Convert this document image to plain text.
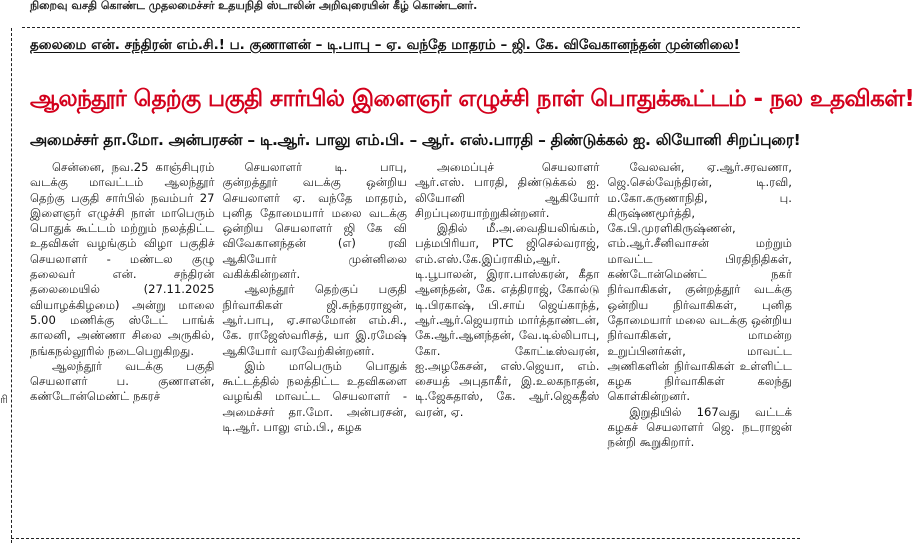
நிறைவு வசதி கொண்ட முதலமைச்சர் உதயநிதி ஸ்டாலின் அறிவுரையின் கீழ் கொண்டனர்.
ரி
தலைமை என். சந்திரன் எம்.சி.! ப. குணாளன் – டி.பாபு – ஏ. வந்தே மாதரம் – ஜி. கே. விவேகானந்தன் முன்னிலை!
ஆலந்தூர் தெற்கு பகுதி சார்பில் இளைஞர் எழுச்சி நாள் பொதுக்கூட்டம் - நல உதவிகள்!
அமைச்சர் தா.மோ. அன்பரசன் – டி.ஆர். பாலு எம்.பி. – ஆர். எஸ்.பாரதி – திண்டுக்கல் ஐ. லியோனி சிறப்புரை!

சென்னை, நவ.25 காஞ்சிபுரம் வடக்கு மாவட்டம் ஆலந்தூர் தெற்கு பகுதி சார்பில் நவம்பர் 27 இளைஞர் எழுச்சி நாள் மாபெரும் பொதுக் கூட்டம் மற்றும் நலத்திட்ட உதவிகள் வழங்கும் விழா பகுதிச் செயலாளர் - மண்டல குழு தலைவர் என். சந்திரன் தலைமையில் (27.11.2025 வியாழக்கிழமை) அன்று மாலை 5.00 மணிக்கு ஸ்டேட் பாங்க் காலனி, அண்ணா சிலை அருகில், நங்கநல்லூரில் நடைபெறுகிறது.

ஆலந்தூர் வடக்கு பகுதி செயலாளர் ப. குணாளன், கண்டோன்மெண்ட் நகரச்

செயலாளர் டி. பாபு, குன்றத்தூர் வடக்கு ஒன்றிய செயலாளர் ஏ. வந்தே மாதரம், புனித தோமையார் மலை வடக்கு ஒன்றிய செயலாளர் ஜி கே வி விவேகானந்தன் (எ) ரவி ஆகியோர் முன்னிலை வகிக்கின்றனர்.

ஆலந்தூர் தெற்குப் பகுதி நிர்வாகிகள் ஜி.சுந்தரராஜன், ஆர்.பாபு, ஏ.சாலமோன் எம்.சி., கே. ராஜேஸ்வரிசத், யா இ.ரமேஷ் ஆகியோர் வரவேற்கின்றனர்.

இம் மாபெரும் பொதுக் கூட்டத்தில் நலத்திட்ட உதவிகளை வழங்கி மாவட்ட செயலாளர் - அமைச்சர் தா.மோ. அன்பரசன், டி.ஆர். பாலு எம்.பி., கழக

அமைப்புச் செயலாளர் ஆர்.எஸ். பாரதி, திண்டுக்கல் ஐ. லியோனி ஆகியோர் சிறப்புரையாற்றுகின்றனர்.

இதில் மீ.அ.வைதியலிங்கம், பத்மபிரியா, PTC ஜிசெல்வராஜ், எம்.எஸ்.கே.இப்ராகிம்,ஆர். டி.பூபாலன், இரா.பாஸ்கரன், கீதா ஆனந்தன், கே. எத்திராஜ், கோல்டு டி.பிரகாஷ், பி.சாய் ஜெய்காந்த், ஆர்.ஆர்.ஜெயராம் மார்த்தாண்டன், கே.ஆர்.ஆனந்தன், வே.டில்லிபாபு, கோ. கோட்டீஸ்வரன், ஐ.அழகேசன், எஸ்.ஜெயா, எம். சையத் அபுதாகீர், இ.உலகநாதன், டி.ஜேசுதாஸ், கே. ஆர்.ஜெகதீஸ் வரன், ஏ.

வேலவன், ஏ.ஆர்.சரவணா, ஜெ.செல்வேந்திரன், டி.ரவி, ம.கோ.கருணாநிதி, பு. கிருஷ்ணமூர்த்தி, கே.பி.முரளிகிருஷ்ணன், எம்.ஆர்.சீனிவாசன் மற்றும் மாவட்ட பிரதிநிதிகள், கண்டோன்மெண்ட் நகர் நிர்வாகிகள், குன்றத்தூர் வடக்கு ஒன்றிய நிர்வாகிகள், புனித தோமையார் மலை வடக்கு ஒன்றிய நிர்வாகிகள், மாமன்ற உறுப்பினர்கள், மாவட்ட அணிகளின் நிர்வாகிகள் உள்ளிட்ட கழக நிர்வாகிகள் கலந்து கொள்கின்றனர்.

இறுதியில் 167வது வட்டக் கழகச் செயலாளர் ஜெ. நடராஜன் நன்றி கூறுகிறார்.
